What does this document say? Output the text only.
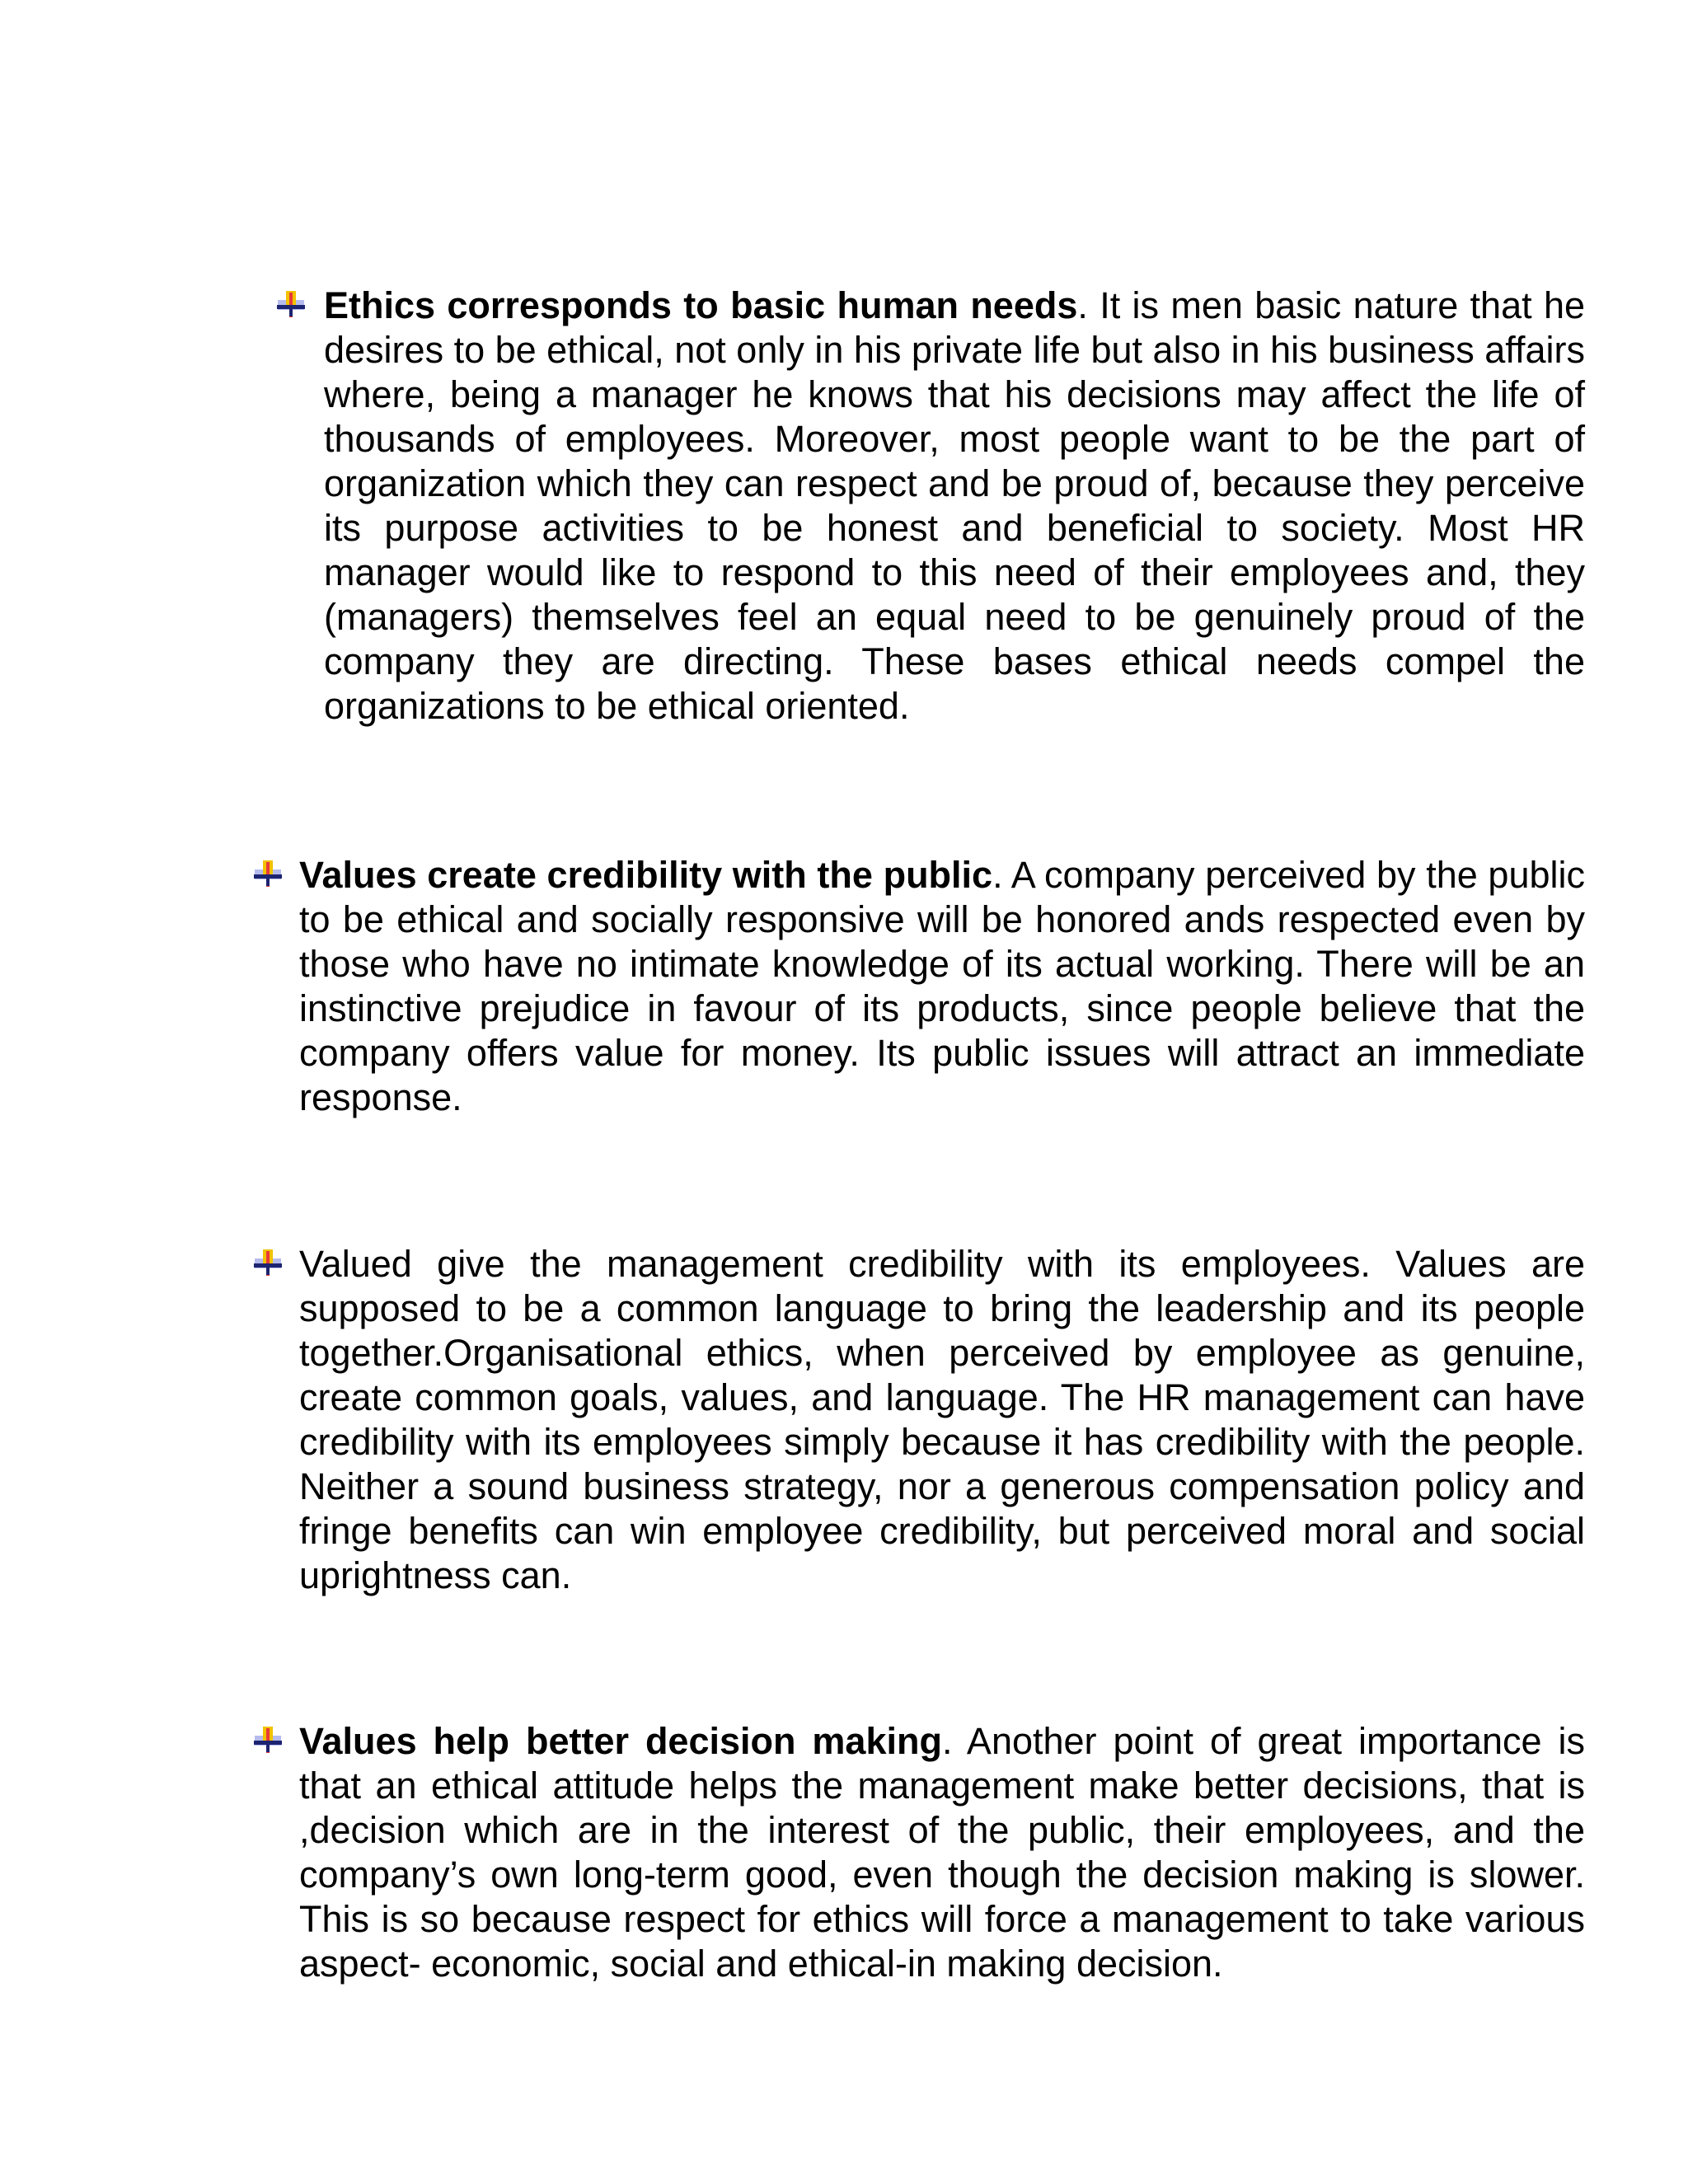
Ethics corresponds to basic human needs. It is men basic nature that he desires to be ethical, not only in his private life but also in his business affairs where, being a manager he knows that his decisions may affect the life of thousands of employees. Moreover, most people want to be the part of organization which they can respect and be proud of, because they perceive its purpose activities to be honest and beneficial to society. Most HR manager would like to respond to this need of their employees and, they (managers) themselves feel an equal need to be genuinely proud of the company they are directing. These bases ethical needs compel the organizations to be ethical oriented.
Values create credibility with the public. A company perceived by the public to be ethical and socially responsive will be honored ands respected even by those who have no intimate knowledge of its actual working. There will be an instinctive prejudice in favour of its products, since people believe that the company offers value for money. Its public issues will attract an immediate response.
Valued give the management credibility with its employees. Values are supposed to be a common language to bring the leadership and its people together.Organisational ethics, when perceived by employee as genuine, create common goals, values, and language. The HR management can have credibility with its employees simply because it has credibility with the people. Neither a sound business strategy, nor a generous compensation policy and fringe benefits can win employee credibility, but perceived moral and social uprightness can.
Values help better decision making. Another point of great importance is that an ethical attitude helps the management make better decisions, that is ,decision which are in the interest of the public, their employees, and the company’s own long-term good, even though the decision making is slower. This is so because respect for ethics will force a management to take various aspect- economic, social and ethical-in making decision.
